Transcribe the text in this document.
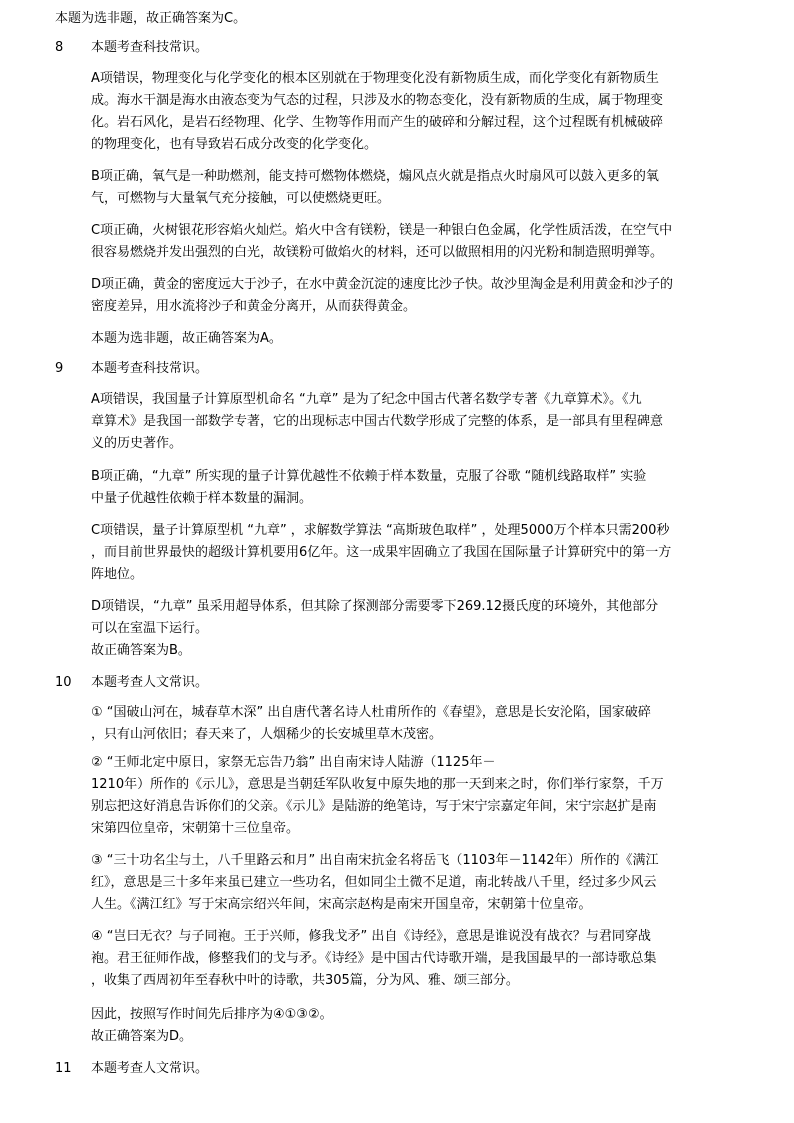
本题为选非题，故正确答案为C。
8 本题考查科技常识。
A项错误，物理变化与化学变化的根本区别就在于物理变化没有新物质生成，而化学变化有新物质生
成。海水干涸是海水由液态变为气态的过程，只涉及水的物态变化，没有新物质的生成，属于物理变
化。岩石风化，是岩石经物理、化学、生物等作用而产生的破碎和分解过程，这个过程既有机械破碎
的物理变化，也有导致岩石成分改变的化学变化。
B项正确，氧气是一种助燃剂，能支持可燃物体燃烧，煽风点火就是指点火时扇风可以鼓入更多的氧
气，可燃物与大量氧气充分接触，可以使燃烧更旺。
C项正确，火树银花形容焰火灿烂。焰火中含有镁粉，镁是一种银白色金属，化学性质活泼，在空气中
很容易燃烧并发出强烈的白光，故镁粉可做焰火的材料，还可以做照相用的闪光粉和制造照明弹等。
D项正确，黄金的密度远大于沙子，在水中黄金沉淀的速度比沙子快。故沙里淘金是利用黄金和沙子的
密度差异，用水流将沙子和黄金分离开，从而获得黄金。
本题为选非题，故正确答案为A。
9 本题考查科技常识。
A项错误，我国量子计算原型机命名 “九章” 是为了纪念中国古代著名数学专著《九章算术》。《九
章算术》是我国一部数学专著，它的出现标志中国古代数学形成了完整的体系，是一部具有里程碑意
义的历史著作。
B项正确，“九章” 所实现的量子计算优越性不依赖于样本数量，克服了谷歌 “随机线路取样” 实验
中量子优越性依赖于样本数量的漏洞。
C项错误，量子计算原型机 “九章” ，求解数学算法 “高斯玻色取样” ，处理5000万个样本只需200秒
，而目前世界最快的超级计算机要用6亿年。这一成果牢固确立了我国在国际量子计算研究中的第一方
阵地位。
D项错误，“九章” 虽采用超导体系，但其除了探测部分需要零下269.12摄氏度的环境外，其他部分
可以在室温下运行。
故正确答案为B。
10 本题考查人文常识。
① “国破山河在，城春草木深” 出自唐代著名诗人杜甫所作的《春望》，意思是长安沦陷，国家破碎
，只有山河依旧；春天来了，人烟稀少的长安城里草木茂密。
② “王师北定中原日，家祭无忘告乃翁” 出自南宋诗人陆游（1125年－
1210年）所作的《示儿》，意思是当朝廷军队收复中原失地的那一天到来之时，你们举行家祭，千万
别忘把这好消息告诉你们的父亲。《示儿》是陆游的绝笔诗，写于宋宁宗嘉定年间，宋宁宗赵扩是南
宋第四位皇帝，宋朝第十三位皇帝。
③ “三十功名尘与土，八千里路云和月” 出自南宋抗金名将岳飞（1103年－1142年）所作的《满江
红》，意思是三十多年来虽已建立一些功名，但如同尘土微不足道，南北转战八千里，经过多少风云
人生。《满江红》写于宋高宗绍兴年间，宋高宗赵构是南宋开国皇帝，宋朝第十位皇帝。
④ “岂曰无衣？与子同袍。王于兴师，修我戈矛” 出自《诗经》，意思是谁说没有战衣？与君同穿战
袍。君王征师作战，修整我们的戈与矛。《诗经》是中国古代诗歌开端，是我国最早的一部诗歌总集
，收集了西周初年至春秋中叶的诗歌，共305篇，分为风、雅、颂三部分。
因此，按照写作时间先后排序为④①③②。
故正确答案为D。
11 本题考查人文常识。
